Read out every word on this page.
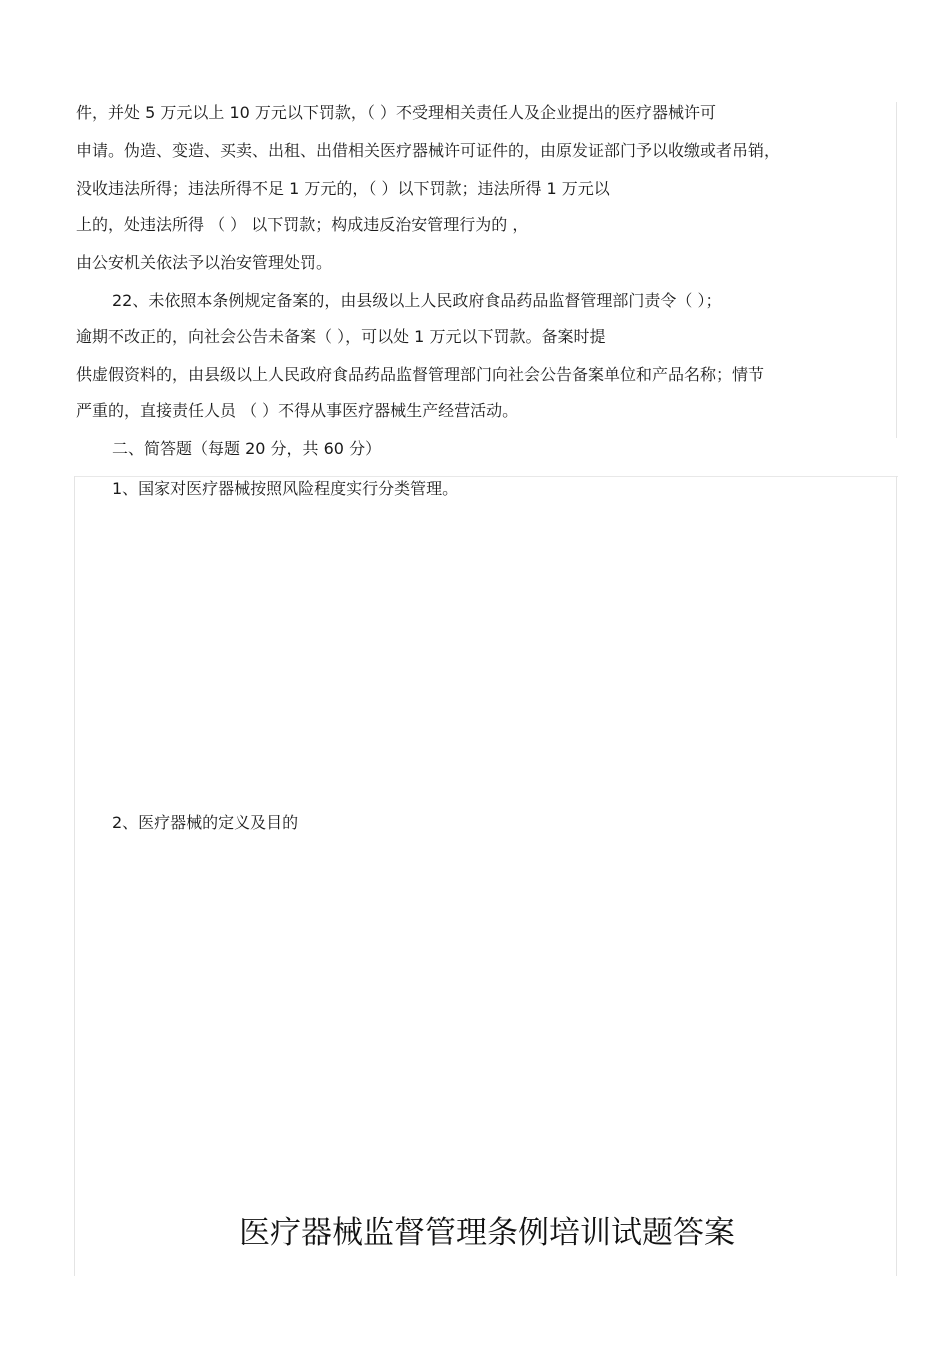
件，并处 5 万元以上 10 万元以下罚款，（ ）不受理相关责任人及企业提出的医疗器械许可
申请。伪造、变造、买卖、出租、出借相关医疗器械许可证件的，由原发证部门予以收缴或者吊销，
没收违法所得；违法所得不足 1 万元的，（ ）以下罚款；违法所得 1 万元以
上的，处违法所得 （ ） 以下罚款；构成违反治安管理行为的 ，
由公安机关依法予以治安管理处罚。
22、未依照本条例规定备案的，由县级以上人民政府食品药品监督管理部门责令（ ）；
逾期不改正的，向社会公告未备案（ ），可以处 1 万元以下罚款。备案时提
供虚假资料的，由县级以上人民政府食品药品监督管理部门向社会公告备案单位和产品名称；情节
严重的，直接责任人员 （ ）不得从事医疗器械生产经营活动。
二、简答题（每题 20 分，共 60 分）
1、国家对医疗器械按照风险程度实行分类管理。
2、医疗器械的定义及目的
医疗器械监督管理条例培训试题答案
